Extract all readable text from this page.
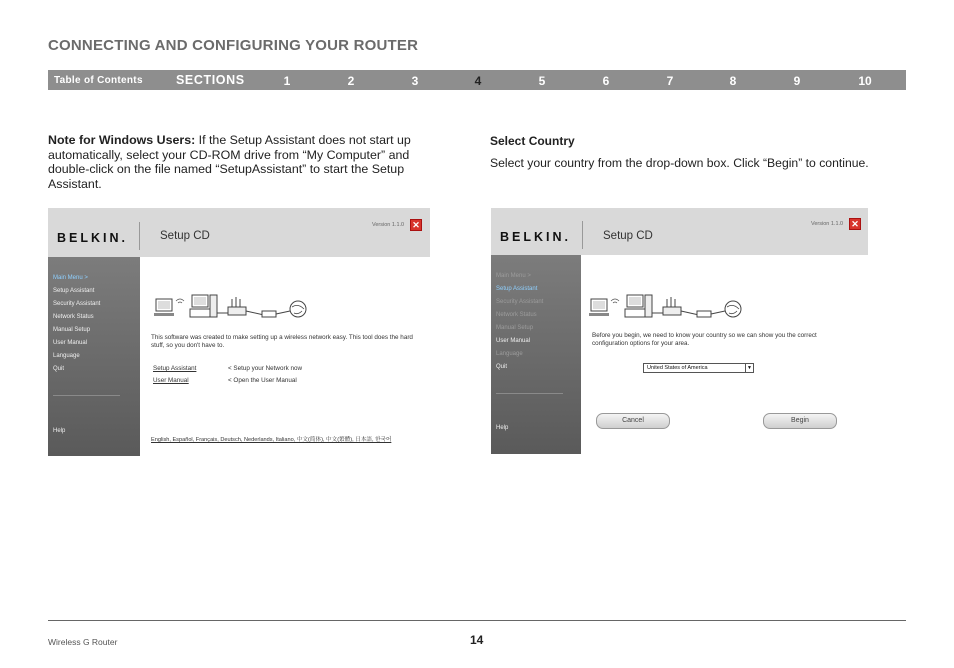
CONNECTING AND CONFIGURING YOUR ROUTER
Table of Contents	SECTIONS	1	2	3	4	5	6	7	8	9	10
Note for Windows Users: If the Setup Assistant does not start up automatically, select your CD-ROM drive from “My Computer” and double-click on the file named “SetupAssistant” to start the Setup Assistant.
Select Country
Select your country from the drop-down box. Click “Begin” to continue.
BELKIN.	Setup CD
Version 1.1.0 ✕
Main Menu >
Setup Assistant
Security Assistant
Network Status
Manual Setup
User Manual
Language
Quit
Help
This software was created to make setting up a wireless network easy. This tool does the hard stuff, so you don't have to.
Setup Assistant	< Setup your Network now
User Manual	< Open the User Manual
English, Español, Français, Deutsch, Nederlands, Italiano, 中文(简体), 中文(繁體), 日本語, 한국어
BELKIN.	Setup CD
Version 1.1.0 ✕
Main Menu >
Setup Assistant
Security Assistant
Network Status
Manual Setup
User Manual
Language
Quit
Help
Before you begin, we need to know your country so we can show you the correct configuration options for your area.
United States of America	▼
Cancel	Begin
Wireless G Router	14
